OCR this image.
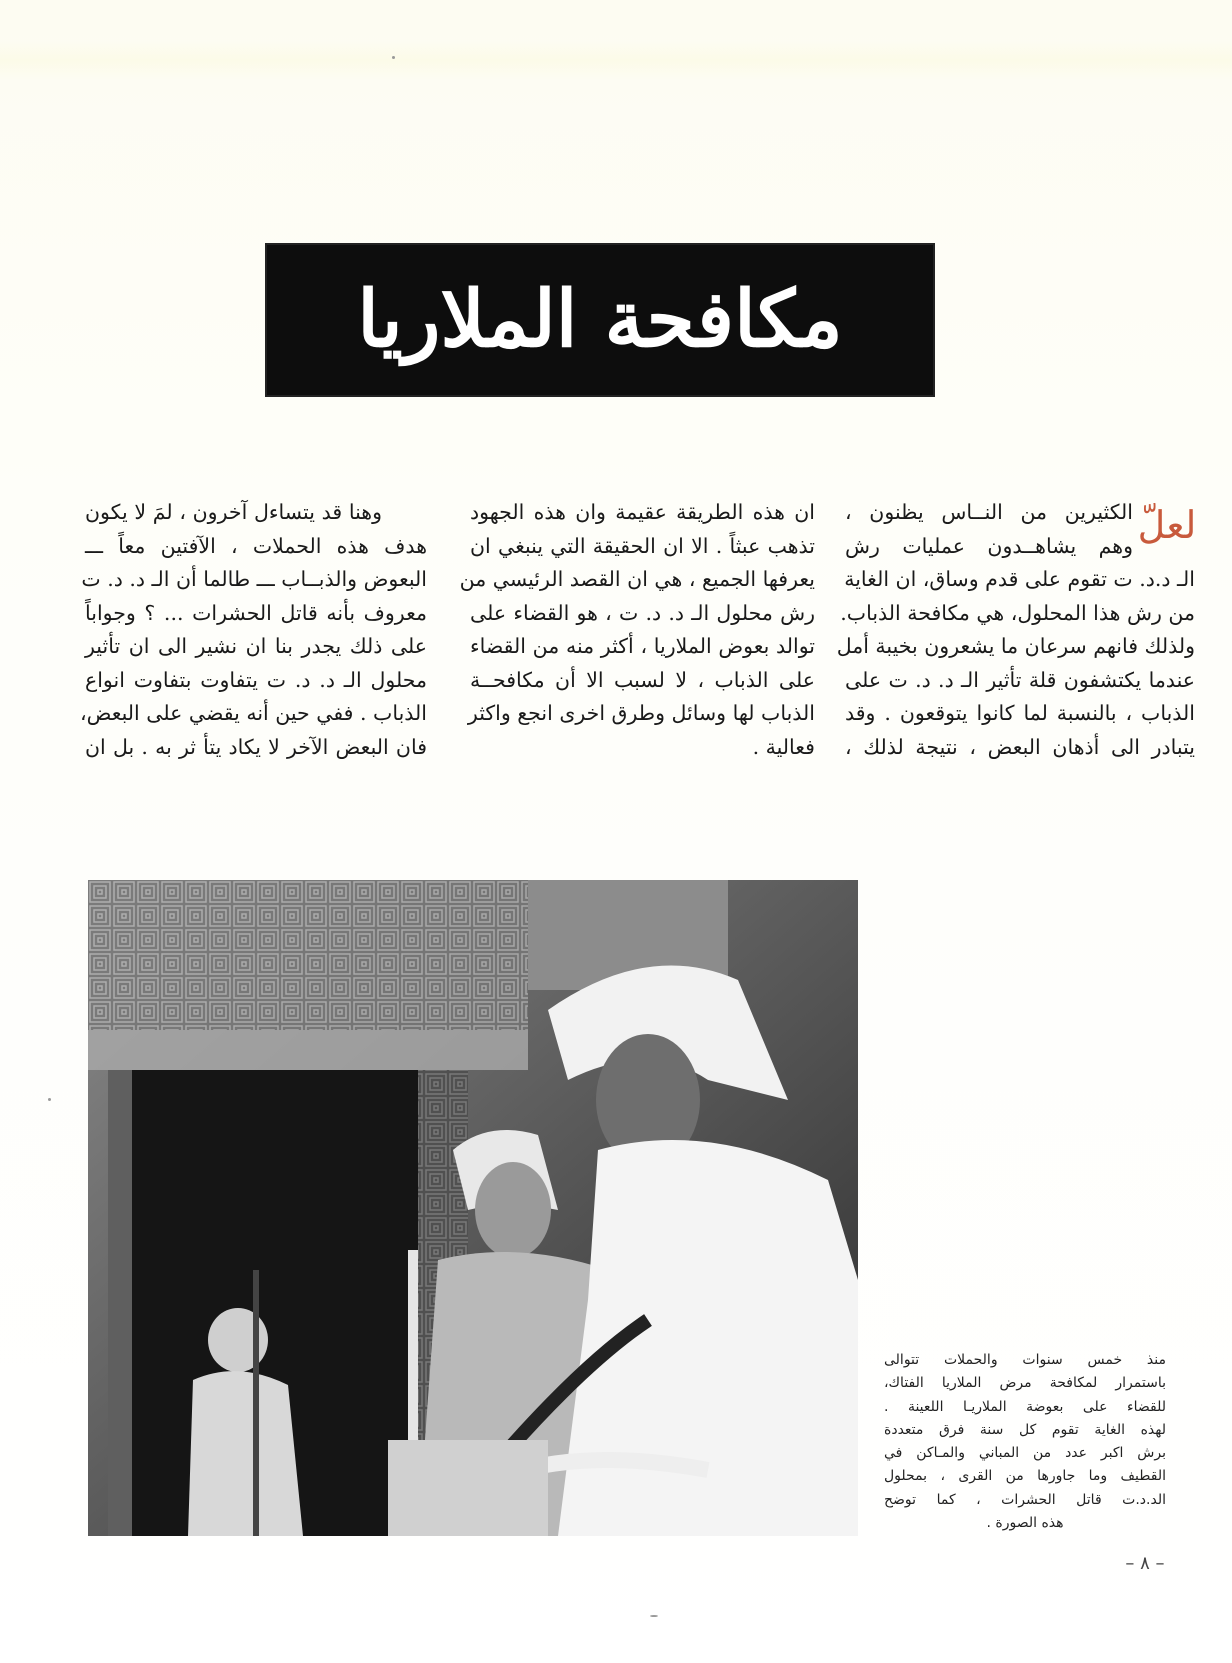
مكافحة الملاريا
لعلّ

الكثيرين من النــاس يظنون ،

وهم يشاهــدون عمليات رش

الـ د.د. ت تقوم على قدم وساق، ان الغاية

من رش هذا المحلول، هي مكافحة الذباب.

ولذلك فانهم سرعان ما يشعرون بخيبة أمل

عندما يكتشفون قلة تأثير الـ د. د. ت على

الذباب ، بالنسبة لما كانوا يتوقعون . وقد

يتبادر الى أذهان البعض ، نتيجة لذلك ،

ان هذه الطريقة عقيمة وان هذه الجهود

تذهب عبثاً . الا ان الحقيقة التي ينبغي ان

يعرفها الجميع ، هي ان القصد الرئيسي من

رش محلول الـ د. د. ت ، هو القضاء على

توالد بعوض الملاريا ، أكثر منه من القضاء

على الذباب ، لا لسبب الا أن مكافحــة

الذباب لها وسائل وطرق اخرى انجع واكثر

فعالية .

وهنا قد يتساءل آخرون ، لمَ لا يكون

هدف هذه الحملات ، الآفتين معاً ـــ

البعوض والذبــاب ـــ طالما أن الـ د. د. ت

معروف بأنه قاتل الحشرات ... ؟ وجواباً

على ذلك يجدر بنا ان نشير الى ان تأثير

محلول الـ د. د. ت يتفاوت بتفاوت انواع

الذباب . ففي حين أنه يقضي على البعض،

فان البعض الآخر لا يكاد يتأ ثر به . بل ان

منذ خمس سنوات والحملات تتوالى

باستمرار لمكافحة مرض الملاريا الفتاك،

للقضاء على بعوضة الملاريـا اللعينة .

لهذه الغاية تقوم كل سنة فرق متعددة

برش اكبر عدد من المباني والمـاكن في

القطيف وما جاورها من القرى ، بمحلول

الد.د.ت قاتل الحشرات ، كما توضح

هذه الصورة .

– ٨ –
